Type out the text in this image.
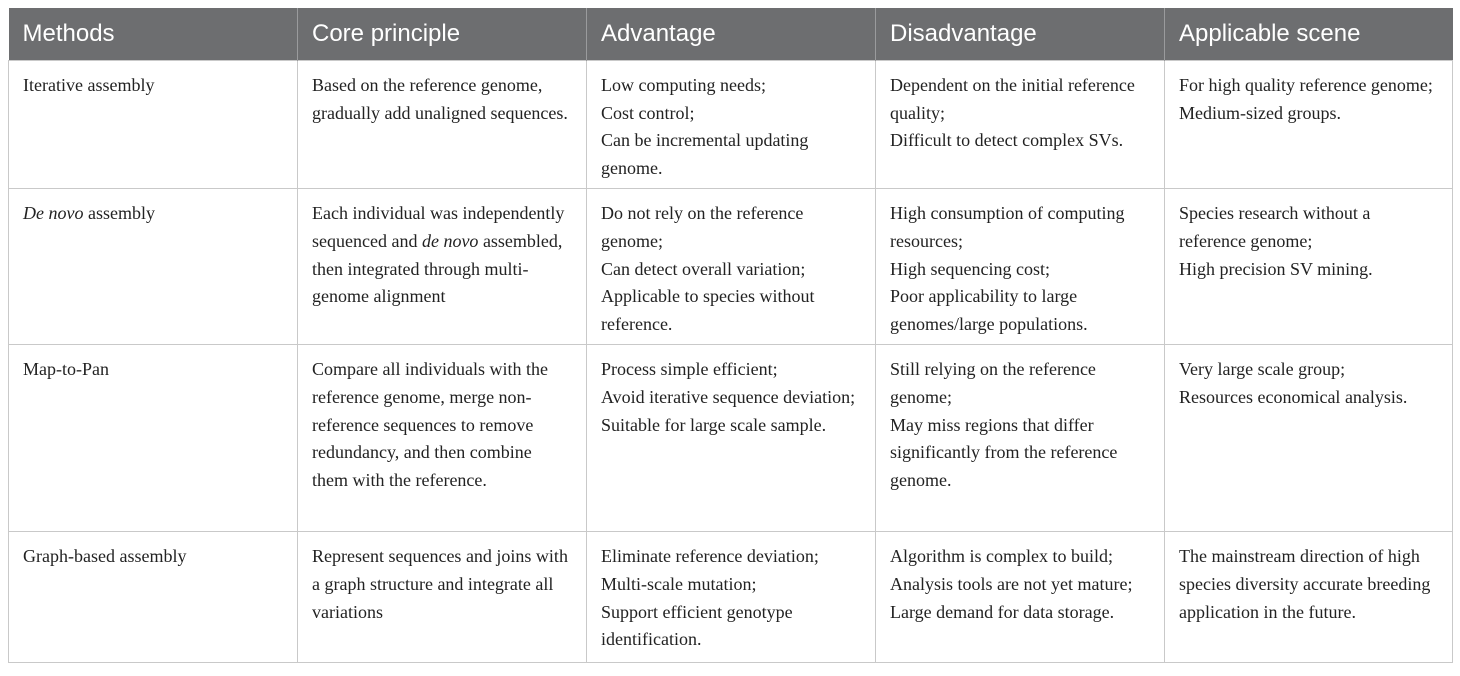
Methods	Core principle	Advantage	Disadvantage	Applicable scene
Iterative assembly	Based on the reference genome, gradually add unaligned sequences.	Low computing needs;
Cost control;
Can be incremental updating genome.	Dependent on the initial reference quality;
Difficult to detect complex SVs.	For high quality reference genome;
Medium-sized groups.

De novo assembly	Each individual was independently sequenced and de novo assembled, then integrated through multi-genome alignment	Do not rely on the reference genome;
Can detect overall variation;
Applicable to species without reference.	High consumption of computing resources;
High sequencing cost;
Poor applicability to large genomes/large populations.	Species research without a reference genome;
High precision SV mining.

Map-to-Pan	Compare all individuals with the reference genome, merge non-reference sequences to remove redundancy, and then combine them with the reference.	Process simple efficient;
Avoid iterative sequence deviation;
Suitable for large scale sample.	Still relying on the reference genome;
May miss regions that differ significantly from the reference genome.	Very large scale group;
Resources economical analysis.

Graph-based assembly	Represent sequences and joins with a graph structure and integrate all variations	Eliminate reference deviation;
Multi-scale mutation;
Support efficient genotype identification.	Algorithm is complex to build;
Analysis tools are not yet mature;
Large demand for data storage.	The mainstream direction of high species diversity accurate breeding application in the future.
